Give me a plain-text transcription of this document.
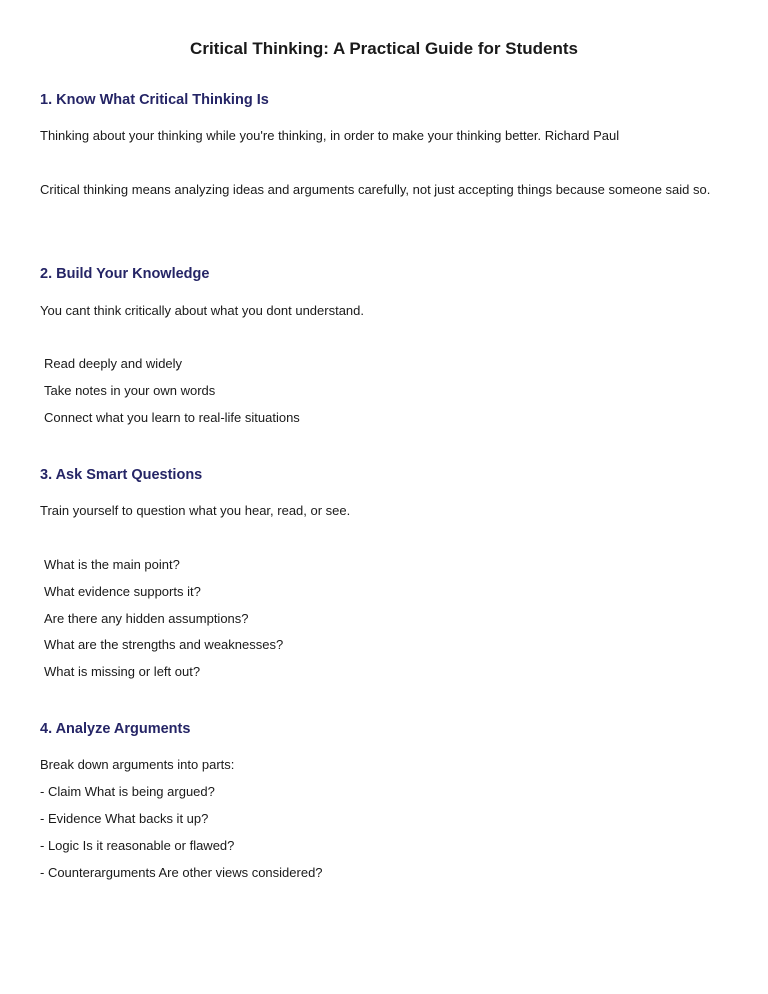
Critical Thinking: A Practical Guide for Students
1. Know What Critical Thinking Is

Thinking about your thinking while you're thinking, in order to make your thinking better. Richard Paul

Critical thinking means analyzing ideas and arguments carefully, not just accepting things because someone said so.

2. Build Your Knowledge

You cant think critically about what you dont understand.

Read deeply and widely

Take notes in your own words

Connect what you learn to real-life situations

3. Ask Smart Questions

Train yourself to question what you hear, read, or see.

What is the main point?

What evidence supports it?

Are there any hidden assumptions?

What are the strengths and weaknesses?

What is missing or left out?

4. Analyze Arguments

Break down arguments into parts:

- Claim What is being argued?

- Evidence What backs it up?

- Logic Is it reasonable or flawed?

- Counterarguments Are other views considered?
